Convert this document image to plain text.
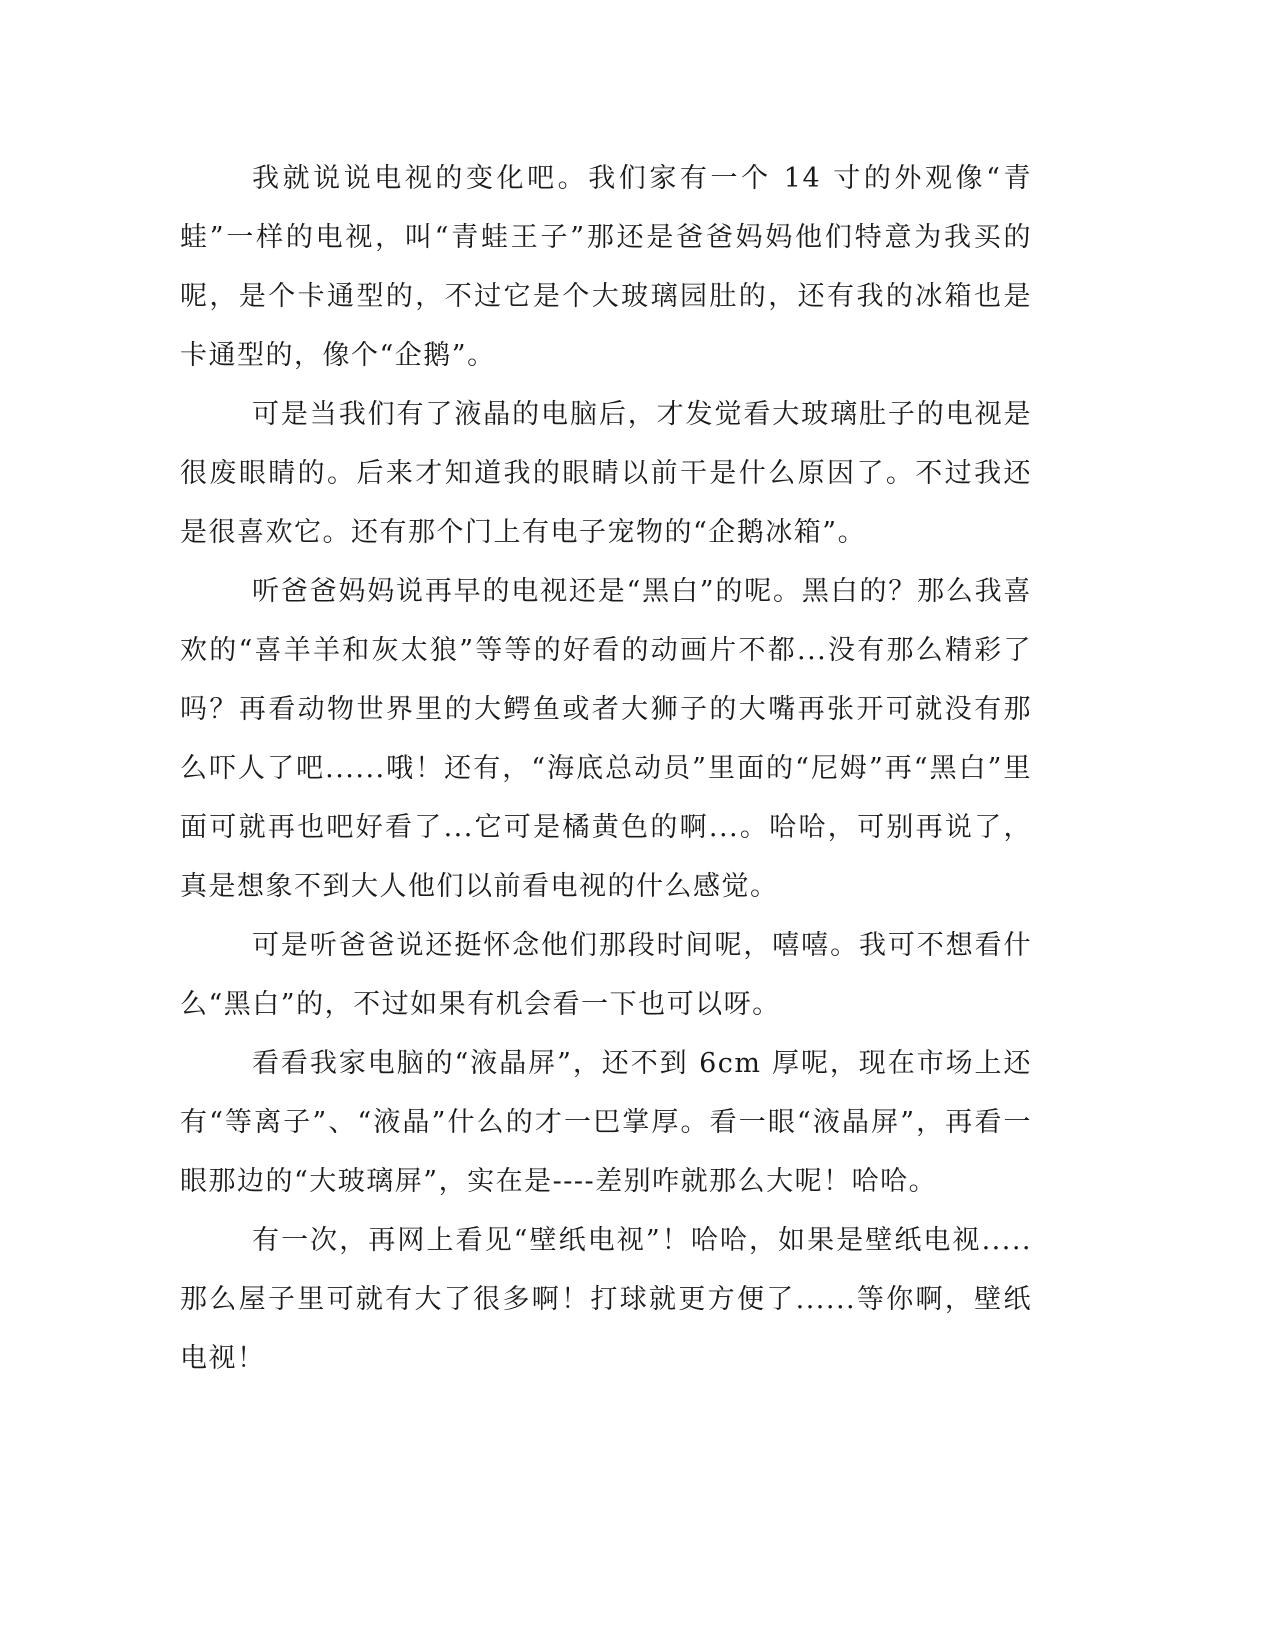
我就说说电视的变化吧。我们家有一个 14 寸的外观像“青蛙”一样的电视，叫“青蛙王子”那还是爸爸妈妈他们特意为我买的呢，是个卡通型的，不过它是个大玻璃园肚的，还有我的冰箱也是卡通型的，像个“企鹅”。

可是当我们有了液晶的电脑后，才发觉看大玻璃肚子的电视是很废眼睛的。后来才知道我的眼睛以前干是什么原因了。不过我还是很喜欢它。还有那个门上有电子宠物的“企鹅冰箱”。

听爸爸妈妈说再早的电视还是“黑白”的呢。黑白的？那么我喜欢的“喜羊羊和灰太狼”等等的好看的动画片不都...没有那么精彩了吗？再看动物世界里的大鳄鱼或者大狮子的大嘴再张开可就没有那么吓人了吧......哦！还有，“海底总动员”里面的“尼姆”再“黑白”里面可就再也吧好看了...它可是橘黄色的啊...。哈哈，可别再说了，真是想象不到大人他们以前看电视的什么感觉。

可是听爸爸说还挺怀念他们那段时间呢，嘻嘻。我可不想看什么“黑白”的，不过如果有机会看一下也可以呀。

看看我家电脑的“液晶屏”，还不到 6cm 厚呢，现在市场上还有“等离子”、“液晶”什么的才一巴掌厚。看一眼“液晶屏”，再看一眼那边的“大玻璃屏”，实在是----差别咋就那么大呢！哈哈。

有一次，再网上看见“壁纸电视”！哈哈，如果是壁纸电视.....那么屋子里可就有大了很多啊！打球就更方便了......等你啊，壁纸电视！
